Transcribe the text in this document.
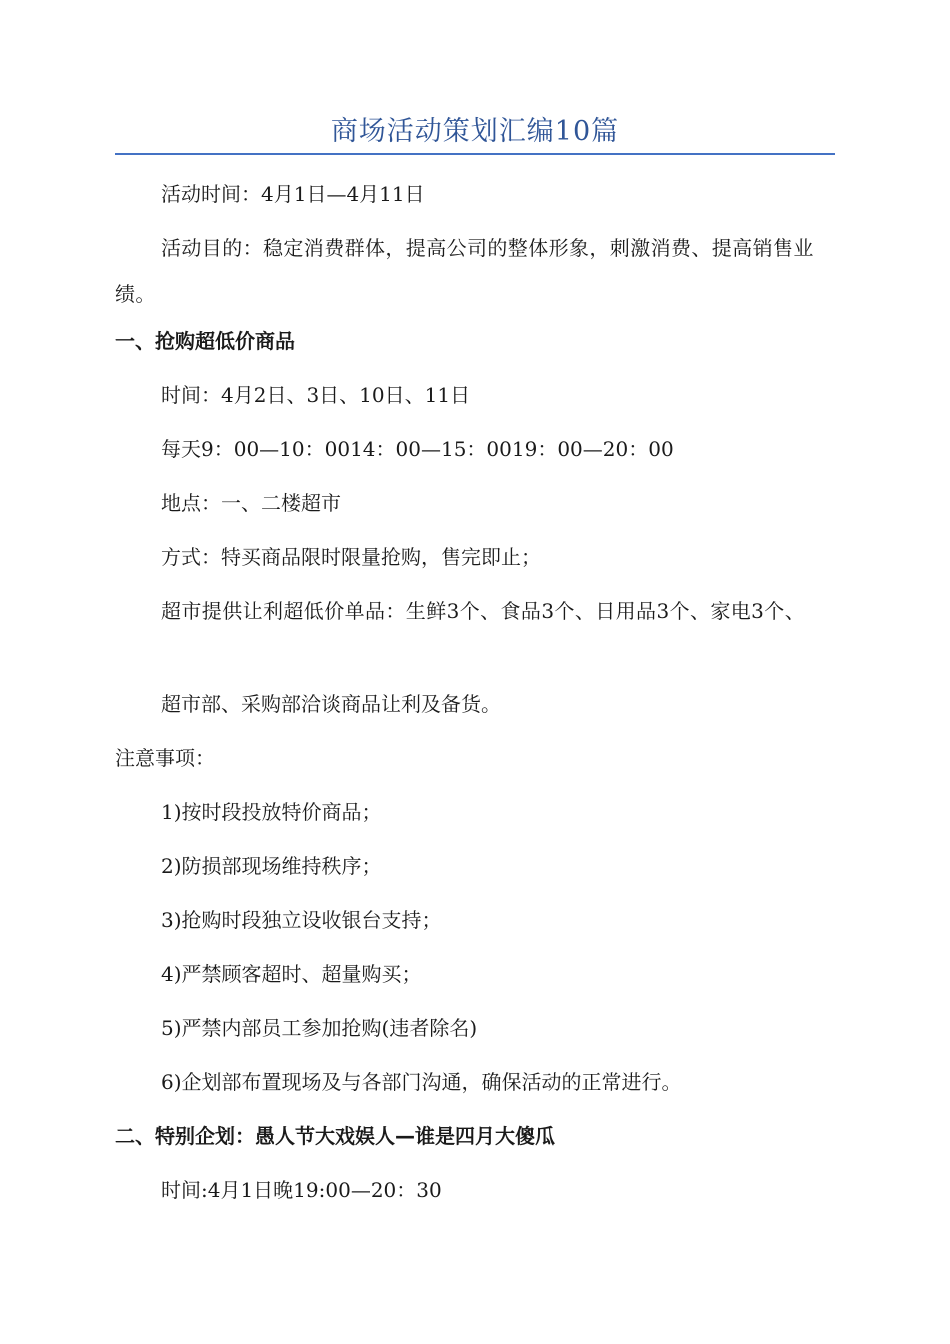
商场活动策划汇编10篇
活动时间：4月1日—4月11日
活动目的：稳定消费群体，提高公司的整体形象，刺激消费、提高销售业绩。
一、抢购超低价商品
时间：4月2日、3日、10日、11日
每天9：00—10：0014：00—15：0019：00—20：00
地点：一、二楼超市
方式：特买商品限时限量抢购，售完即止；
超市提供让利超低价单品：生鲜3个、食品3个、日用品3个、家电3个、
超市部、采购部洽谈商品让利及备货。
注意事项：
1)按时段投放特价商品；
2)防损部现场维持秩序；
3)抢购时段独立设收银台支持；
4)严禁顾客超时、超量购买；
5)严禁内部员工参加抢购(违者除名)
6)企划部布置现场及与各部门沟通，确保活动的正常进行。
二、特别企划：愚人节大戏娱人—谁是四月大傻瓜
时间:4月1日晚19:00—20：30
